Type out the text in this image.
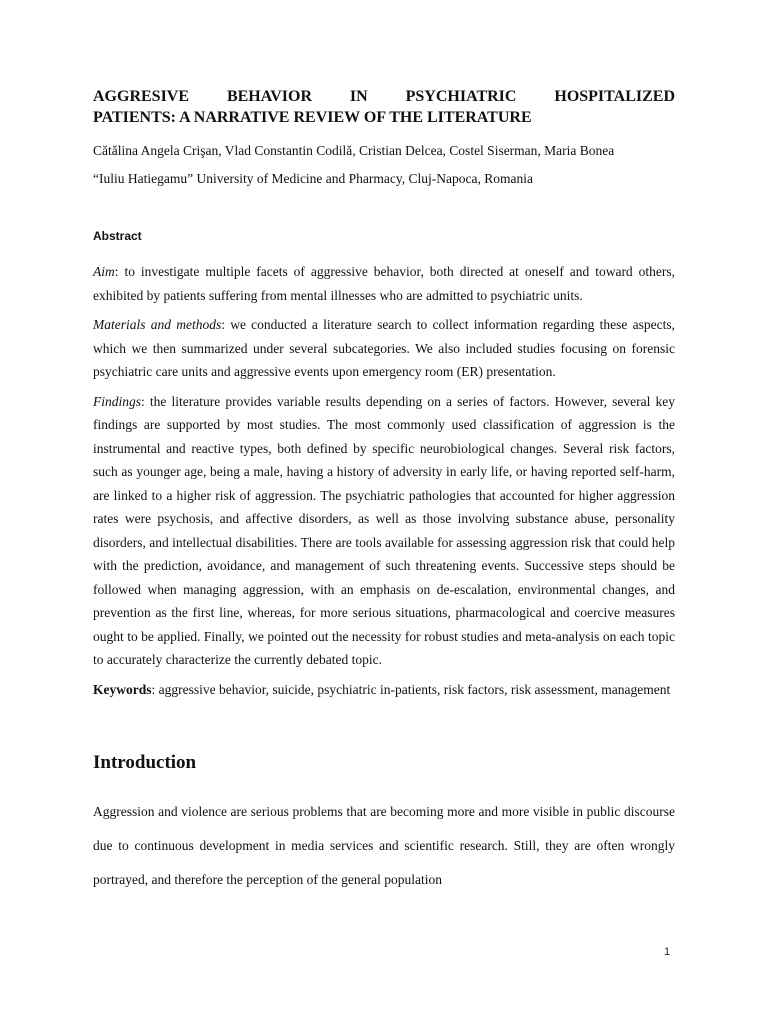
AGGRESIVE BEHAVIOR IN PSYCHIATRIC HOSPITALIZED
PATIENTS: A NARRATIVE REVIEW OF THE LITERATURE
Cătălina Angela Crişan, Vlad Constantin Codilă, Cristian Delcea, Costel Siserman, Maria Bonea
“Iuliu Hatiegamu” University of Medicine and Pharmacy, Cluj-Napoca, Romania
Abstract

Aim: to investigate multiple facets of aggressive behavior, both directed at oneself and toward others, exhibited by patients suffering from mental illnesses who are admitted to psychiatric units.

Materials and methods: we conducted a literature search to collect information regarding these aspects, which we then summarized under several subcategories. We also included studies focusing on forensic psychiatric care units and aggressive events upon emergency room (ER) presentation.

Findings: the literature provides variable results depending on a series of factors. However, several key findings are supported by most studies. The most commonly used classification of aggression is the instrumental and reactive types, both defined by specific neurobiological changes. Several risk factors, such as younger age, being a male, having a history of adversity in early life, or having reported self-harm, are linked to a higher risk of aggression. The psychiatric pathologies that accounted for higher aggression rates were psychosis, and affective disorders, as well as those involving substance abuse, personality disorders, and intellectual disabilities. There are tools available for assessing aggression risk that could help with the prediction, avoidance, and management of such threatening events. Successive steps should be followed when managing aggression, with an emphasis on de-escalation, environmental changes, and prevention as the first line, whereas, for more serious situations, pharmacological and coercive measures ought to be applied. Finally, we pointed out the necessity for robust studies and meta-analysis on each topic to accurately characterize the currently debated topic.

Keywords: aggressive behavior, suicide, psychiatric in-patients, risk factors, risk assessment, management

Introduction

Aggression and violence are serious problems that are becoming more and more visible in public discourse due to continuous development in media services and scientific research. Still, they are often wrongly portrayed, and therefore the perception of the general population

1
